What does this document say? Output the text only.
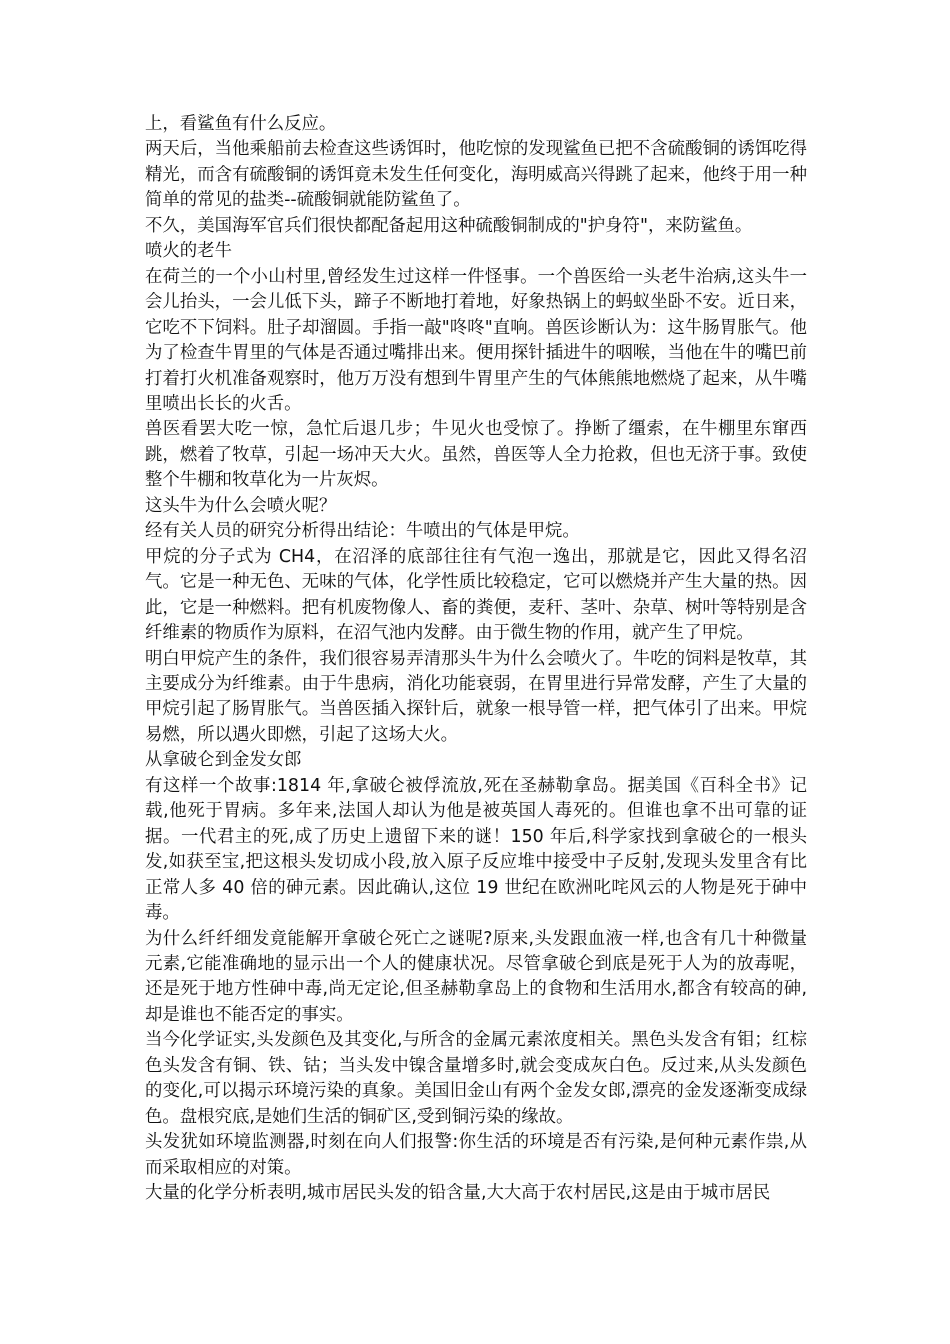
上，看鲨鱼有什么反应。

两天后，当他乘船前去检查这些诱饵时，他吃惊的发现鲨鱼已把不含硫酸铜的诱饵吃得精光，而含有硫酸铜的诱饵竟未发生任何变化，海明威高兴得跳了起来，他终于用一种简单的常见的盐类--硫酸铜就能防鲨鱼了。

不久，美国海军官兵们很快都配备起用这种硫酸铜制成的"护身符"，来防鲨鱼。

喷火的老牛

在荷兰的一个小山村里,曾经发生过这样一件怪事。一个兽医给一头老牛治病,这头牛一会儿抬头，一会儿低下头，蹄子不断地打着地，好象热锅上的蚂蚁坐卧不安。近日来，它吃不下饲料。肚子却溜圆。手指一敲"咚咚"直响。兽医诊断认为：这牛肠胃胀气。他为了检查牛胃里的气体是否通过嘴排出来。便用探针插进牛的咽喉，当他在牛的嘴巴前打着打火机准备观察时，他万万没有想到牛胃里产生的气体熊熊地燃烧了起来，从牛嘴里喷出长长的火舌。

兽医看罢大吃一惊，急忙后退几步；牛见火也受惊了。挣断了缰索，在牛棚里东窜西跳，燃着了牧草，引起一场冲天大火。虽然，兽医等人全力抢救，但也无济于事。致使整个牛棚和牧草化为一片灰烬。

这头牛为什么会喷火呢？

经有关人员的研究分析得出结论：牛喷出的气体是甲烷。

甲烷的分子式为 CH4，在沼泽的底部往往有气泡一逸出，那就是它，因此又得名沼气。它是一种无色、无味的气体，化学性质比较稳定，它可以燃烧并产生大量的热。因此，它是一种燃料。把有机废物像人、畜的粪便，麦秆、茎叶、杂草、树叶等特别是含纤维素的物质作为原料，在沼气池内发酵。由于微生物的作用，就产生了甲烷。

明白甲烷产生的条件，我们很容易弄清那头牛为什么会喷火了。牛吃的饲料是牧草，其主要成分为纤维素。由于牛患病，消化功能衰弱，在胃里进行异常发酵，产生了大量的甲烷引起了肠胃胀气。当兽医插入探针后，就象一根导管一样，把气体引了出来。甲烷易燃，所以遇火即燃，引起了这场大火。

从拿破仑到金发女郎

有这样一个故事:1814 年,拿破仑被俘流放,死在圣赫勒拿岛。据美国《百科全书》记载,他死于胃病。多年来,法国人却认为他是被英国人毒死的。但谁也拿不出可靠的证据。一代君主的死,成了历史上遗留下来的谜！150 年后,科学家找到拿破仑的一根头发,如获至宝,把这根头发切成小段,放入原子反应堆中接受中子反射,发现头发里含有比正常人多 40 倍的砷元素。因此确认,这位 19 世纪在欧洲叱咤风云的人物是死于砷中毒。

为什么纤纤细发竟能解开拿破仑死亡之谜呢?原来,头发跟血液一样,也含有几十种微量元素,它能准确地的显示出一个人的健康状况。尽管拿破仑到底是死于人为的放毒呢，还是死于地方性砷中毒,尚无定论,但圣赫勒拿岛上的食物和生活用水,都含有较高的砷,却是谁也不能否定的事实。

当今化学证实,头发颜色及其变化,与所含的金属元素浓度相关。黑色头发含有钼；红棕色头发含有铜、铁、钴；当头发中镍含量增多时,就会变成灰白色。反过来,从头发颜色的变化,可以揭示环境污染的真象。美国旧金山有两个金发女郎,漂亮的金发逐渐变成绿色。盘根究底,是她们生活的铜矿区,受到铜污染的缘故。

头发犹如环境监测器,时刻在向人们报警:你生活的环境是否有污染,是何种元素作祟,从而采取相应的对策。

大量的化学分析表明,城市居民头发的铅含量,大大高于农村居民,这是由于城市居民
